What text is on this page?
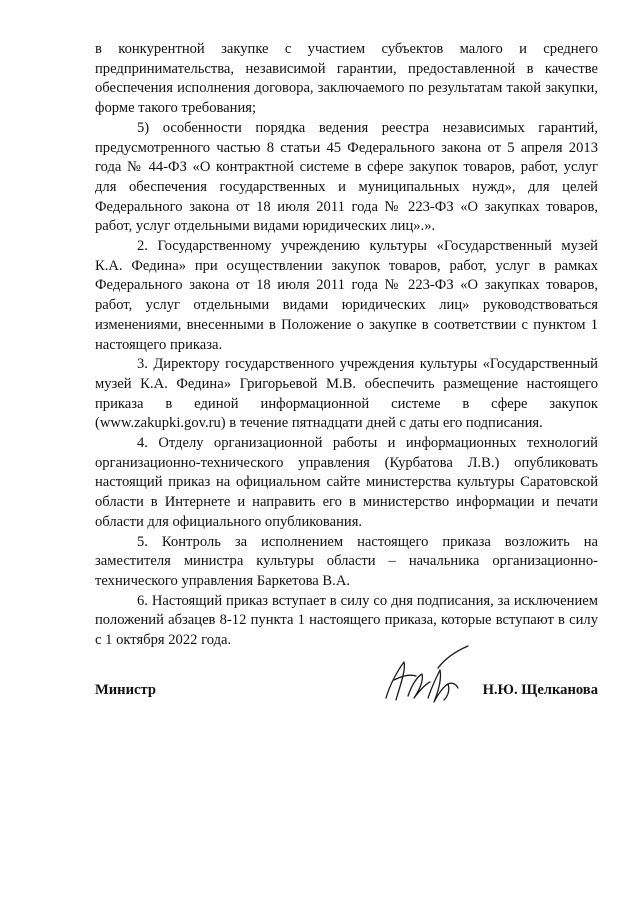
в конкурентной закупке с участием субъектов малого и среднего предпринимательства, независимой гарантии, предоставленной в качестве обеспечения исполнения договора, заключаемого по результатам такой закупки, форме такого требования;

5) особенности порядка ведения реестра независимых гарантий, предусмотренного частью 8 статьи 45 Федерального закона от 5 апреля 2013 года № 44-ФЗ «О контрактной системе в сфере закупок товаров, работ, услуг для обеспечения государственных и муниципальных нужд», для целей Федерального закона от 18 июля 2011 года № 223-ФЗ «О закупках товаров, работ, услуг отдельными видами юридических лиц».».

2. Государственному учреждению культуры «Государственный музей К.А. Федина» при осуществлении закупок товаров, работ, услуг в рамках Федерального закона от 18 июля 2011 года № 223-ФЗ «О закупках товаров, работ, услуг отдельными видами юридических лиц» руководствоваться изменениями, внесенными в Положение о закупке в соответствии с пунктом 1 настоящего приказа.

3. Директору государственного учреждения культуры «Государственный музей К.А. Федина» Григорьевой М.В. обеспечить размещение настоящего приказа в единой информационной системе в сфере закупок (www.zakupki.gov.ru) в течение пятнадцати дней с даты его подписания.

4. Отделу организационной работы и информационных технологий организационно-технического управления (Курбатова Л.В.) опубликовать настоящий приказ на официальном сайте министерства культуры Саратовской области в Интернете и направить его в министерство информации и печати области для официального опубликования.

5. Контроль за исполнением настоящего приказа возложить на заместителя министра культуры области – начальника организационно-технического управления Баркетова В.А.

6. Настоящий приказ вступает в силу со дня подписания, за исключением положений абзацев 8-12 пункта 1 настоящего приказа, которые вступают в силу с 1 октября 2022 года.

Министр	Н.Ю. Щелканова
